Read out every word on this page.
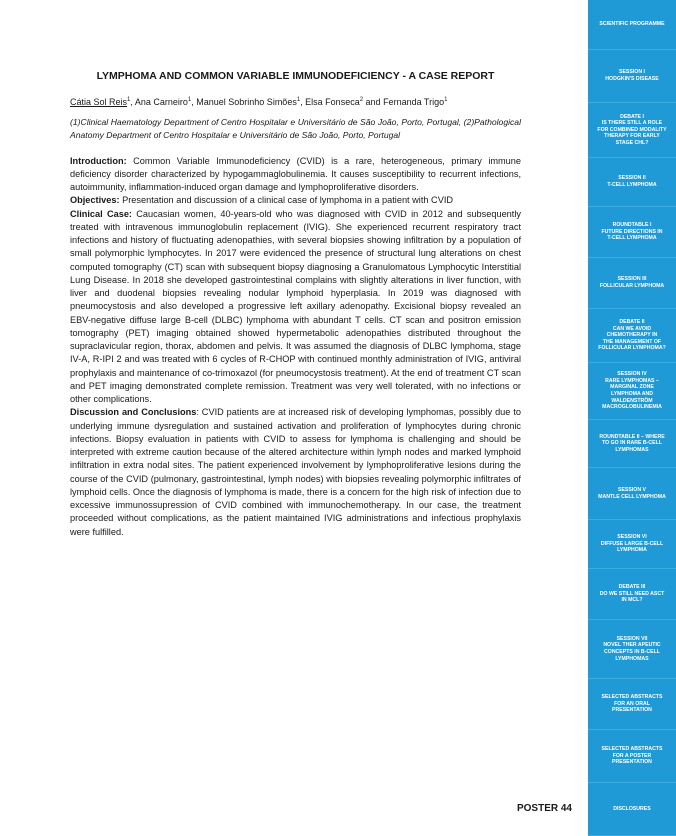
LYMPHOMA AND COMMON VARIABLE IMMUNODEFICIENCY - A CASE REPORT

Cátia Sol Reis$^1$, Ana Carneiro$^1$, Manuel Sobrinho Simões$^1$, Elsa Fonseca$^2$ and Fernanda Trigo$^1$

(1)Clinical Haematology Department of Centro Hospitalar e Universitário de São João, Porto, Portugal, (2)Pathological Anatomy Department of Centro Hospitalar e Universitário de São João, Porto, Portugal

Introduction: Common Variable Immunodeficiency (CVID) is a rare, heterogeneous, primary immune deficiency disorder characterized by hypogammaglobulinemia. It causes susceptibility to recurrent infections, autoimmunity, inflammation-induced organ damage and lymphoproliferative disorders.

Objectives: Presentation and discussion of a clinical case of lymphoma in a patient with CVID

Clinical Case: Caucasian women, 40-years-old who was diagnosed with CVID in 2012 and subsequently treated with intravenous immunoglobulin replacement (IVIG). She experienced recurrent respiratory tract infections and history of fluctuating adenopathies, with several biopsies showing infiltration by a population of small polymorphic lymphocytes. In 2017 were evidenced the presence of structural lung alterations on chest computed tomography (CT) scan with subsequent biopsy diagnosing a Granulomatous Lymphocytic Interstitial Lung Disease. In 2018 she developed gastrointestinal complains with slightly alterations in liver function, with liver and duodenal biopsies revealing nodular lymphoid hyperplasia. In 2019 was diagnosed with pneumocystosis and also developed a progressive left axillary adenopathy. Excisional biopsy revealed an EBV-negative diffuse large B-cell (DLBC) lymphoma with abundant T cells. CT scan and positron emission tomography (PET) imaging obtained showed hypermetabolic adenopathies distributed throughout the supraclavicular region, thorax, abdomen and pelvis. It was assumed the diagnosis of DLBC lymphoma, stage IV-A, R-IPI 2 and was treated with 6 cycles of R-CHOP with continued monthly administration of IVIG, antiviral prophylaxis and maintenance of co-trimoxazol (for pneumocystosis treatment). At the end of treatment CT scan and PET imaging demonstrated complete remission. Treatment was very well tolerated, with no infections or other complications.

Discussion and Conclusions: CVID patients are at increased risk of developing lymphomas, possibly due to underlying immune dysregulation and sustained activation and proliferation of lymphocytes during chronic infections. Biopsy evaluation in patients with CVID to assess for lymphoma is challenging and should be interpreted with extreme caution because of the altered architecture within lymph nodes and marked lymphoid infiltration in extra nodal sites. The patient experienced involvement by lymphoproliferative lesions during the course of the CVID (pulmonary, gastrointestinal, lymph nodes) with biopsies revealing polymorphic infiltrates of lymphoid cells. Once the diagnosis of lymphoma is made, there is a concern for the high risk of infection due to excessive immunossupression of CVID combined with immunochemotherapy. In our case, the treatment proceeded without complications, as the patient maintained IVIG administrations and infectious prophylaxis were fulfilled.

POSTER 44
SCIENTIFIC PROGRAMME
SESSION I
HODGKIN'S DISEASE
DEBATE I
IS THERE STILL A ROLE
FOR COMBINED MODALITY
THERAPY FOR EARLY
STAGE CHL?
SESSION II
T-CELL LYMPHOMA
ROUNDTABLE I
FUTURE DIRECTIONS IN
T-CELL LYMPHOMA
SESSION III
FOLLICULAR LYMPHOMA
DEBATE II
CAN WE AVOID
CHEMOTHERAPY IN
THE MANAGEMENT OF
FOLLICULAR LYMPHOMA?
SESSION IV
RARE LYMPHOMAS –
MARGINAL ZONE
LYMPHOMA AND
WALDENSTRÖM
MACROGLOBULINEMIA
ROUNDTABLE II – WHERE
TO GO IN RARE B-CELL
LYMPHOMAS
SESSION V
MANTLE CELL LYMPHOMA
SESSION VI
DIFFUSE LARGE B-CELL
LYMPHOMA
DEBATE III
DO WE STILL NEED ASCT
IN MCL?
SESSION VII
NOVEL THER APEUTIC
CONCEPTS IN B-CELL
LYMPHOMAS
SELECTED ABSTRACTS
FOR AN ORAL
PRESENTATION
SELECTED ABSTRACTS
FOR A POSTER
PRESENTATION
DISCLOSURES
